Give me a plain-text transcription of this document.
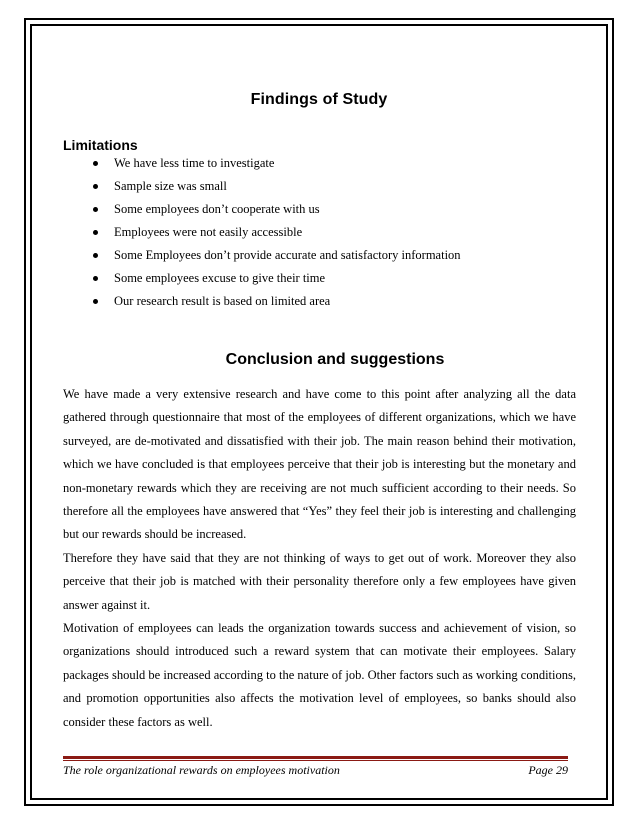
Findings of Study
Limitations
We have less time to investigate
Sample size was small
Some employees don’t cooperate with us
Employees were not easily accessible
Some Employees don’t provide accurate and satisfactory information
Some employees excuse to give their time
Our research result is based on limited area
Conclusion and suggestions

We have made a very extensive research and have come to this point after analyzing all the data gathered through questionnaire that most of the employees of different organizations, which we have surveyed, are de-motivated and dissatisfied with their job. The main reason behind their motivation, which we have concluded is that employees perceive that their job is interesting but the monetary and non-monetary rewards which they are receiving are not much sufficient according to their needs. So therefore all the employees have answered that “Yes” they feel their job is interesting and challenging but our rewards should be increased.

Therefore they have said that they are not thinking of ways to get out of work. Moreover they also perceive that their job is matched with their personality therefore only a few employees have given answer against it.

Motivation of employees can leads the organization towards success and achievement of vision, so organizations should introduced such a reward system that can motivate their employees. Salary packages should be increased according to the nature of job. Other factors such as working conditions, and promotion opportunities also affects the motivation level of employees, so banks should also consider these factors as well.

The role organizational rewards on employees motivation	Page 29
